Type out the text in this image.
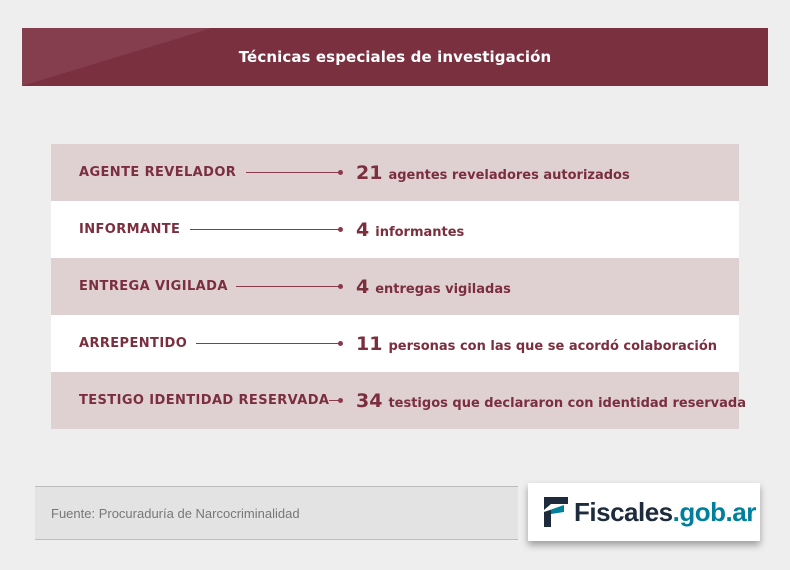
Técnicas especiales de investigación
AGENTE REVELADOR	21 agentes reveladores autorizados
INFORMANTE	4 informantes
ENTREGA VIGILADA	4 entregas vigiladas
ARREPENTIDO	11 personas con las que se acordó colaboración
TESTIGO IDENTIDAD RESERVADA 34 testigos que declararon con identidad reservada
Fuente: Procuraduría de Narcocriminalidad	Fiscales.gob.ar
